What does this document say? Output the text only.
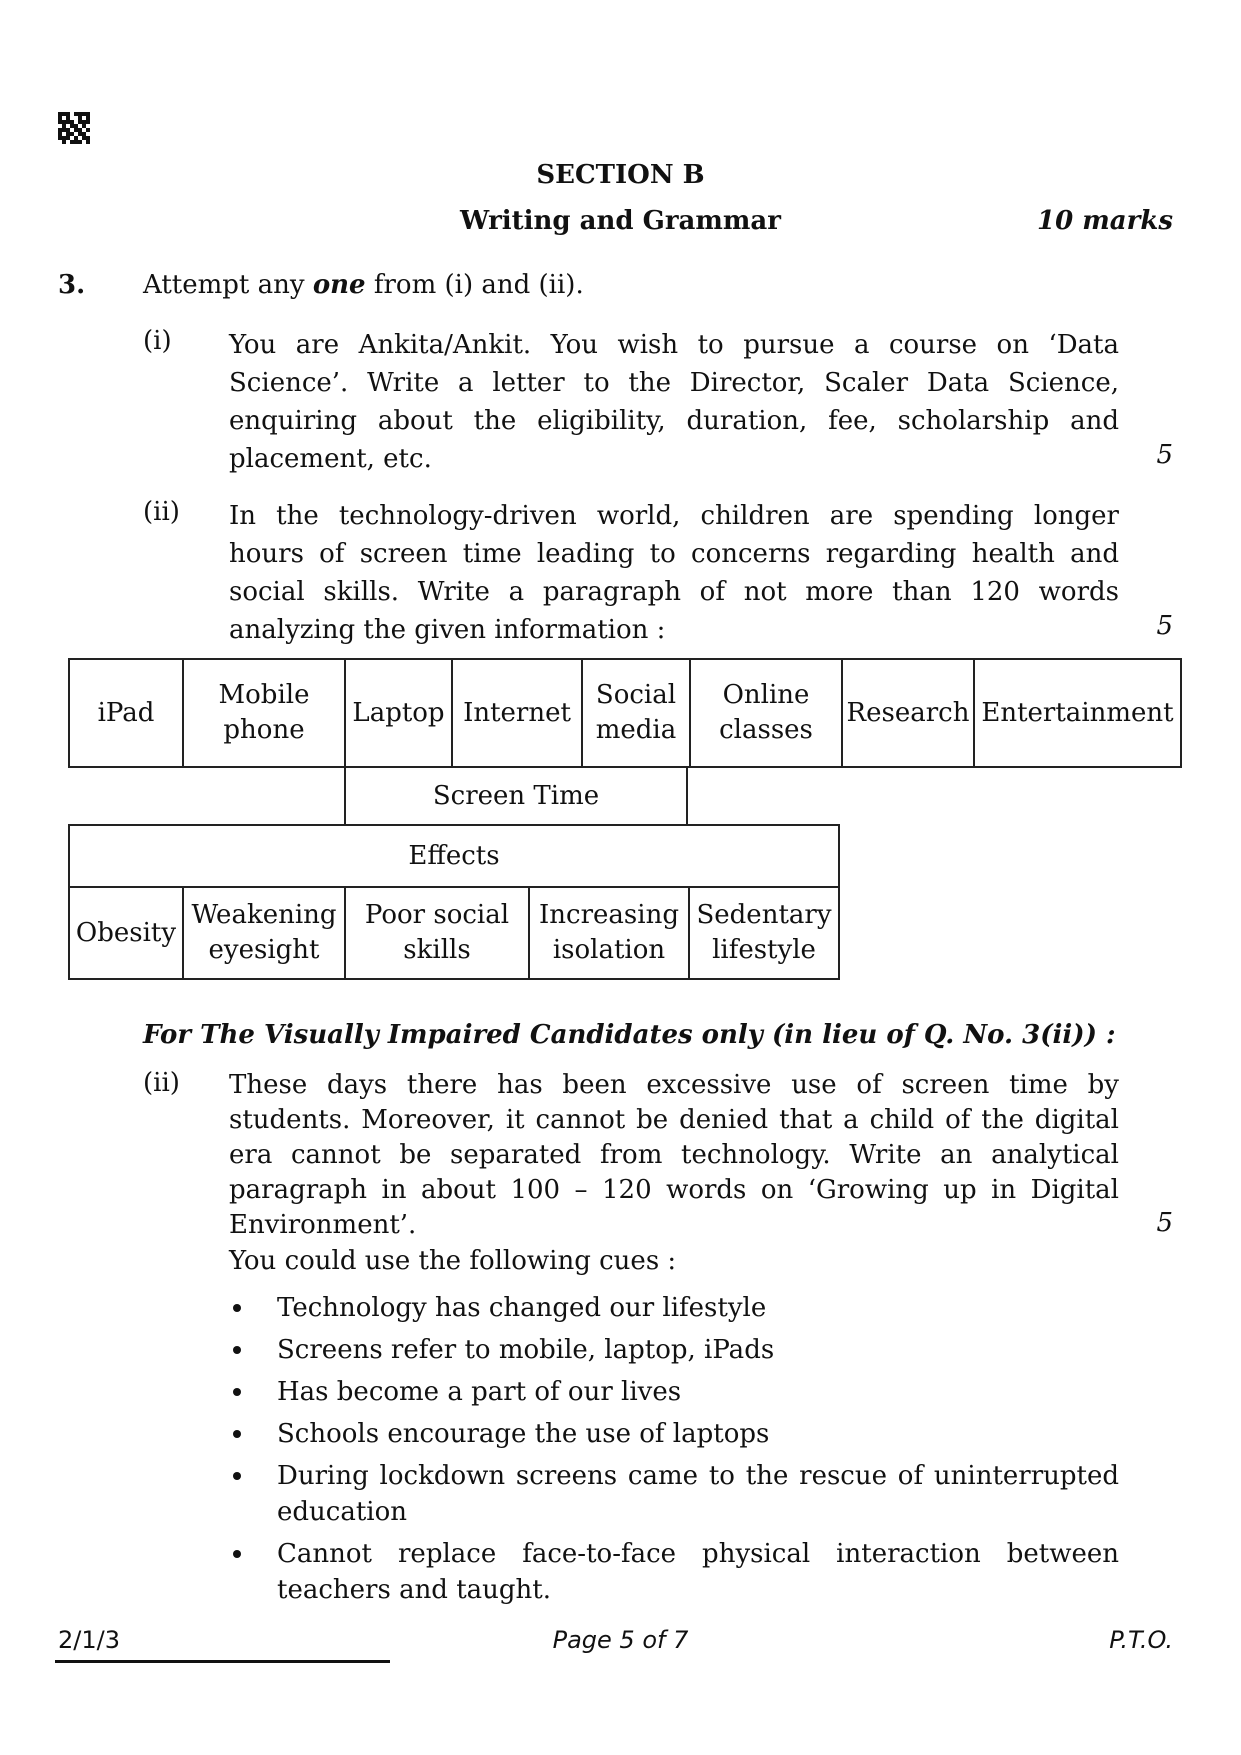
SECTION B
Writing and Grammar	10 marks
3. Attempt any one from (i) and (ii).
(i) You are Ankita/Ankit. You wish to pursue a course on ‘Data Science’. Write a letter to the Director, Scaler Data Science, enquiring about the eligibility, duration, fee, scholarship and placement, etc.	5
(ii) In the technology-driven world, children are spending longer hours of screen time leading to concerns regarding health and social skills. Write a paragraph of not more than 120 words analyzing the given information :	5
iPad	Mobile phone	Laptop	Internet	Social media	Online classes	Research	Entertainment
Screen Time
Effects
Obesity	Weakening eyesight	Poor social skills	Increasing isolation	Sedentary lifestyle
For The Visually Impaired Candidates only (in lieu of Q. No. 3(ii)) :
(ii) These days there has been excessive use of screen time by students. Moreover, it cannot be denied that a child of the digital era cannot be separated from technology. Write an analytical paragraph in about 100 – 120 words on ‘Growing up in Digital Environment’.	5
You could use the following cues :
Technology has changed our lifestyle
Screens refer to mobile, laptop, iPads
Has become a part of our lives
Schools encourage the use of laptops
During lockdown screens came to the rescue of uninterrupted education
Cannot replace face-to-face physical interaction between teachers and taught.
2/1/3	Page 5 of 7	P.T.O.
